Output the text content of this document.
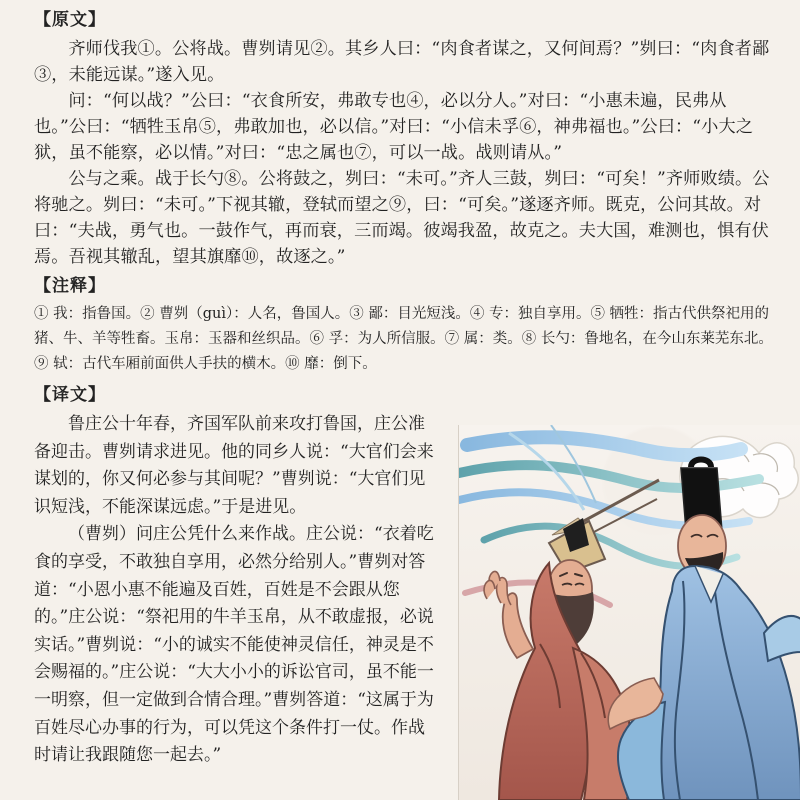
【原文】

齐师伐我①。公将战。曹刿请见②。其乡人曰：“肉食者谋之，又何间焉？”刿曰：“肉食者鄙③，未能远谋。”遂入见。

问：“何以战？”公曰：“衣食所安，弗敢专也④，必以分人。”对曰：“小惠未遍，民弗从也。”公曰：“牺牲玉帛⑤，弗敢加也，必以信。”对曰：“小信未孚⑥，神弗福也。”公曰：“小大之狱，虽不能察，必以情。”对曰：“忠之属也⑦，可以一战。战则请从。”

公与之乘。战于长勺⑧。公将鼓之，刿曰：“未可。”齐人三鼓，刿曰：“可矣！”齐师败绩。公将驰之。刿曰：“未可。”下视其辙，登轼而望之⑨，曰：“可矣。”遂逐齐师。既克，公问其故。对曰：“夫战，勇气也。一鼓作气，再而衰，三而竭。彼竭我盈，故克之。夫大国，难测也，惧有伏焉。吾视其辙乱，望其旗靡⑩，故逐之。”

【注释】

① 我：指鲁国。② 曹刿（guì）：人名，鲁国人。③ 鄙：目光短浅。④ 专：独自享用。⑤ 牺牲：指古代供祭祀用的猪、牛、羊等牲畜。玉帛：玉器和丝织品。⑥ 孚：为人所信服。⑦ 属：类。⑧ 长勺：鲁地名，在今山东莱芜东北。⑨ 轼：古代车厢前面供人手扶的横木。⑩ 靡：倒下。

【译文】

鲁庄公十年春，齐国军队前来攻打鲁国，庄公准备迎击。曹刿请求进见。他的同乡人说：“大官们会来谋划的，你又何必参与其间呢？”曹刿说：“大官们见识短浅，不能深谋远虑。”于是进见。

（曹刿）问庄公凭什么来作战。庄公说：“衣着吃食的享受，不敢独自享用，必然分给别人。”曹刿对答道：“小恩小惠不能遍及百姓，百姓是不会跟从您的。”庄公说：“祭祀用的牛羊玉帛，从不敢虚报，必说实话。”曹刿说：“小的诚实不能使神灵信任，神灵是不会赐福的。”庄公说：“大大小小的诉讼官司，虽不能一一明察，但一定做到合情合理。”曹刿答道：“这属于为百姓尽心办事的行为，可以凭这个条件打一仗。作战时请让我跟随您一起去。”
